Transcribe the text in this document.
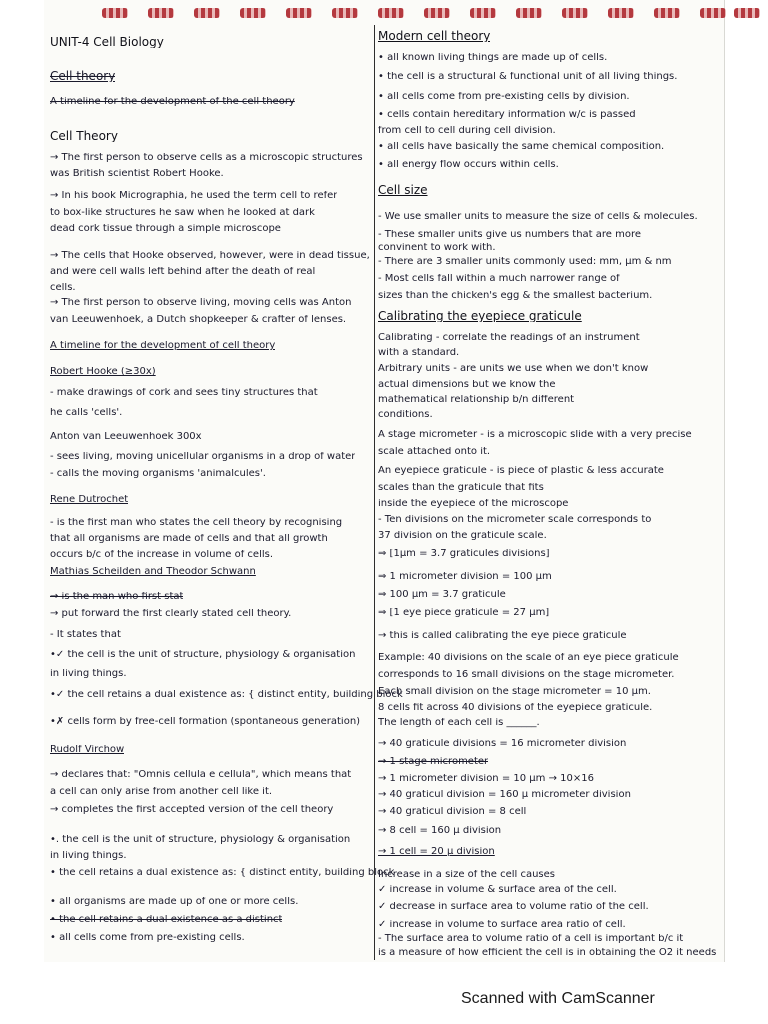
UNIT-4 Cell Biology
Cell theory
A timeline for the development of the cell theory
Cell Theory
→ The first person to observe cells as a microscopic structures
was British scientist Robert Hooke.
→ In his book Micrographia, he used the term cell to refer
to box-like structures he saw when he looked at dark
dead cork tissue through a simple microscope
→ The cells that Hooke observed, however, were in dead tissue,
and were cell walls left behind after the death of real
cells.
→ The first person to observe living, moving cells was Anton
van Leeuwenhoek, a Dutch shopkeeper & crafter of lenses.
A timeline for the development of cell theory
Robert Hooke (≥30x)
- make drawings of cork and sees tiny structures that
he calls 'cells'.
Anton van Leeuwenhoek 300x
- sees living, moving unicellular organisms in a drop of water
- calls the moving organisms 'animalcules'.
Rene Dutrochet
- is the first man who states the cell theory by recognising
that all organisms are made of cells and that all growth
occurs b/c of the increase in volume of cells.
Mathias Scheilden and Theodor Schwann
→ is the man who first stat
→ put forward the first clearly stated cell theory.
- It states that
•✓ the cell is the unit of structure, physiology & organisation
in living things.
•✓ the cell retains a dual existence as: { distinct entity, building block
•✗ cells form by free-cell formation (spontaneous generation)
Rudolf Virchow
→ declares that: "Omnis cellula e cellula", which means that
a cell can only arise from another cell like it.
→ completes the first accepted version of the cell theory
•. the cell is the unit of structure, physiology & organisation
in living things.
• the cell retains a dual existence as: { distinct entity, building block
• all organisms are made up of one or more cells.
• the cell retains a dual existence as a distinct
• all cells come from pre-existing cells.
Modern cell theory
• all known living things are made up of cells.
• the cell is a structural & functional unit of all living things.
• all cells come from pre-existing cells by division.
• cells contain hereditary information w/c is passed
from cell to cell during cell division.
• all cells have basically the same chemical composition.
• all energy flow occurs within cells.
Cell size
- We use smaller units to measure the size of cells & molecules.
- These smaller units give us numbers that are more
convinent to work with.
- There are 3 smaller units commonly used: mm, µm & nm
- Most cells fall within a much narrower range of
sizes than the chicken's egg & the smallest bacterium.
Calibrating the eyepiece graticule
Calibrating - correlate the readings of an instrument
with a standard.
Arbitrary units - are units we use when we don't know
actual dimensions but we know the
mathematical relationship b/n different
conditions.
A stage micrometer - is a microscopic slide with a very precise
scale attached onto it.
An eyepiece graticule - is piece of plastic & less accurate
scales than the graticule that fits
inside the eyepiece of the microscope
- Ten divisions on the micrometer scale corresponds to
37 division on the graticule scale.
⇒ [1µm = 3.7 graticules divisions]
⇒ 1 micrometer division = 100 µm
⇒ 100 µm = 3.7 graticule
⇒ [1 eye piece graticule = 27 µm]
→ this is called calibrating the eye piece graticule
Example: 40 divisions on the scale of an eye piece graticule
corresponds to 16 small divisions on the stage micrometer.
Each small division on the stage micrometer = 10 µm.
8 cells fit across 40 divisions of the eyepiece graticule.
The length of each cell is ______.
→ 40 graticule divisions = 16 micrometer division
→ 1 stage micrometer
→ 1 micrometer division = 10 µm → 10×16
→ 40 graticul division = 160 µ micrometer division
→ 40 graticul division = 8 cell
→ 8 cell = 160 µ division
→ 1 cell = 20 µ division
Increase in a size of the cell causes
✓ increase in volume & surface area of the cell.
✓ decrease in surface area to volume ratio of the cell.
✓ increase in volume to surface area ratio of cell.
- The surface area to volume ratio of a cell is important b/c it
is a measure of how efficient the cell is in obtaining the O2 it needs
Scanned with CamScanner
